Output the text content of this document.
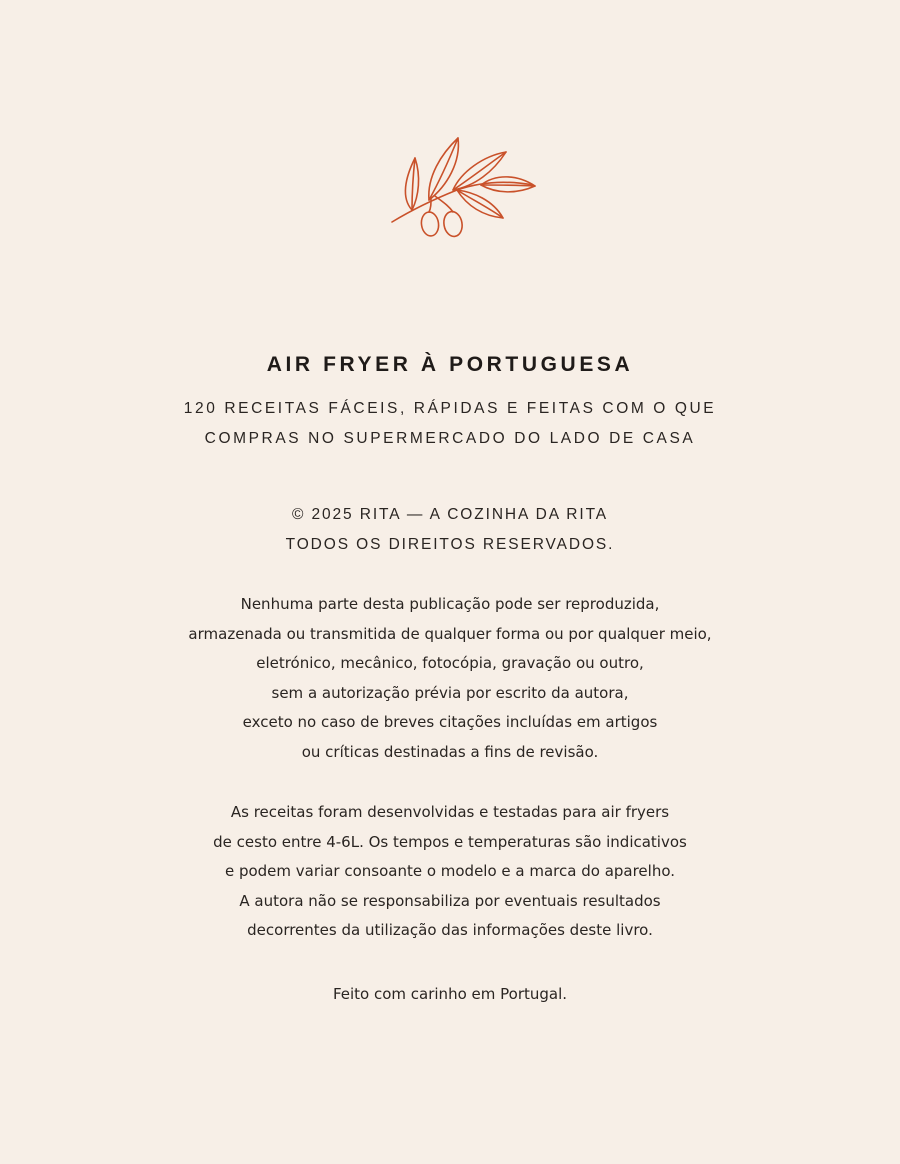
AIR FRYER À PORTUGUESA
120 RECEITAS FÁCEIS, RÁPIDAS E FEITAS COM O QUE
COMPRAS NO SUPERMERCADO DO LADO DE CASA
© 2025 RITA — A COZINHA DA RITA
TODOS OS DIREITOS RESERVADOS.
Nenhuma parte desta publicação pode ser reproduzida,
armazenada ou transmitida de qualquer forma ou por qualquer meio,
eletrónico, mecânico, fotocópia, gravação ou outro,
sem a autorização prévia por escrito da autora,
exceto no caso de breves citações incluídas em artigos
ou críticas destinadas a fins de revisão.
As receitas foram desenvolvidas e testadas para air fryers
de cesto entre 4-6L. Os tempos e temperaturas são indicativos
e podem variar consoante o modelo e a marca do aparelho.
A autora não se responsabiliza por eventuais resultados
decorrentes da utilização das informações deste livro.
Feito com carinho em Portugal.
